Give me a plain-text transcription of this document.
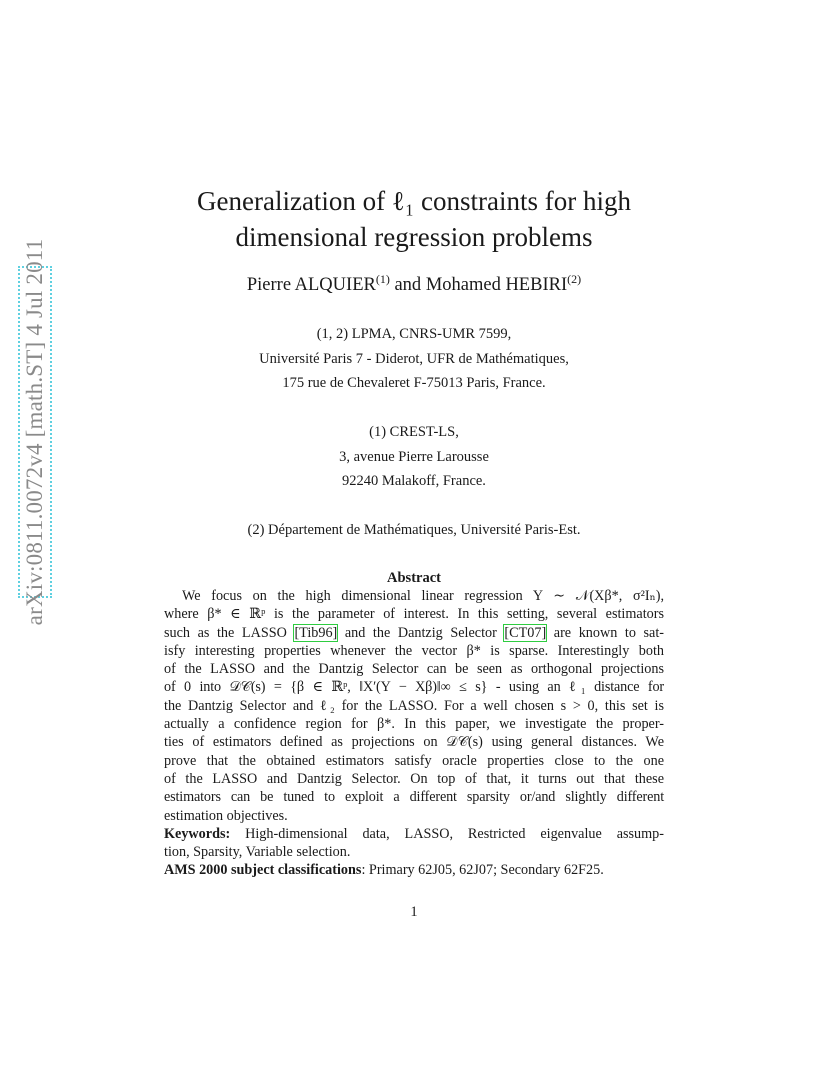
arXiv:0811.0072v4 [math.ST] 4 Jul 2011
Generalization of ℓ₁ constraints for high
dimensional regression problems
Pierre ALQUIER$^{(1)}$ and Mohamed HEBIRI$^{(2)}$
(1, 2) LPMA, CNRS-UMR 7599,
Université Paris 7 - Diderot, UFR de Mathématiques,
175 rue de Chevaleret F-75013 Paris, France.
(1) CREST-LS,
3, avenue Pierre Larousse
92240 Malakoff, France.
(2) Département de Mathématiques, Université Paris-Est.
Abstract
We focus on the high dimensional linear regression Y ∼ 𝒩(Xβ*, σ²Iₙ),
where β* ∈ ℝᵖ is the parameter of interest. In this setting, several estimators
such as the LASSO [Tib96] and the Dantzig Selector [CT07] are known to sat-
isfy interesting properties whenever the vector β* is sparse. Interestingly both
of the LASSO and the Dantzig Selector can be seen as orthogonal projections
of 0 into 𝒟𝒞(s) = {β ∈ ℝᵖ, ‖X′(Y − Xβ)‖∞ ≤ s} - using an ℓ₁ distance for
the Dantzig Selector and ℓ₂ for the LASSO. For a well chosen s > 0, this set is
actually a confidence region for β*. In this paper, we investigate the proper-
ties of estimators defined as projections on 𝒟𝒞(s) using general distances. We
prove that the obtained estimators satisfy oracle properties close to the one
of the LASSO and Dantzig Selector. On top of that, it turns out that these
estimators can be tuned to exploit a different sparsity or/and slightly different
estimation objectives.
Keywords: High-dimensional data, LASSO, Restricted eigenvalue assump-
tion, Sparsity, Variable selection.
AMS 2000 subject classifications: Primary 62J05, 62J07; Secondary 62F25.
1
